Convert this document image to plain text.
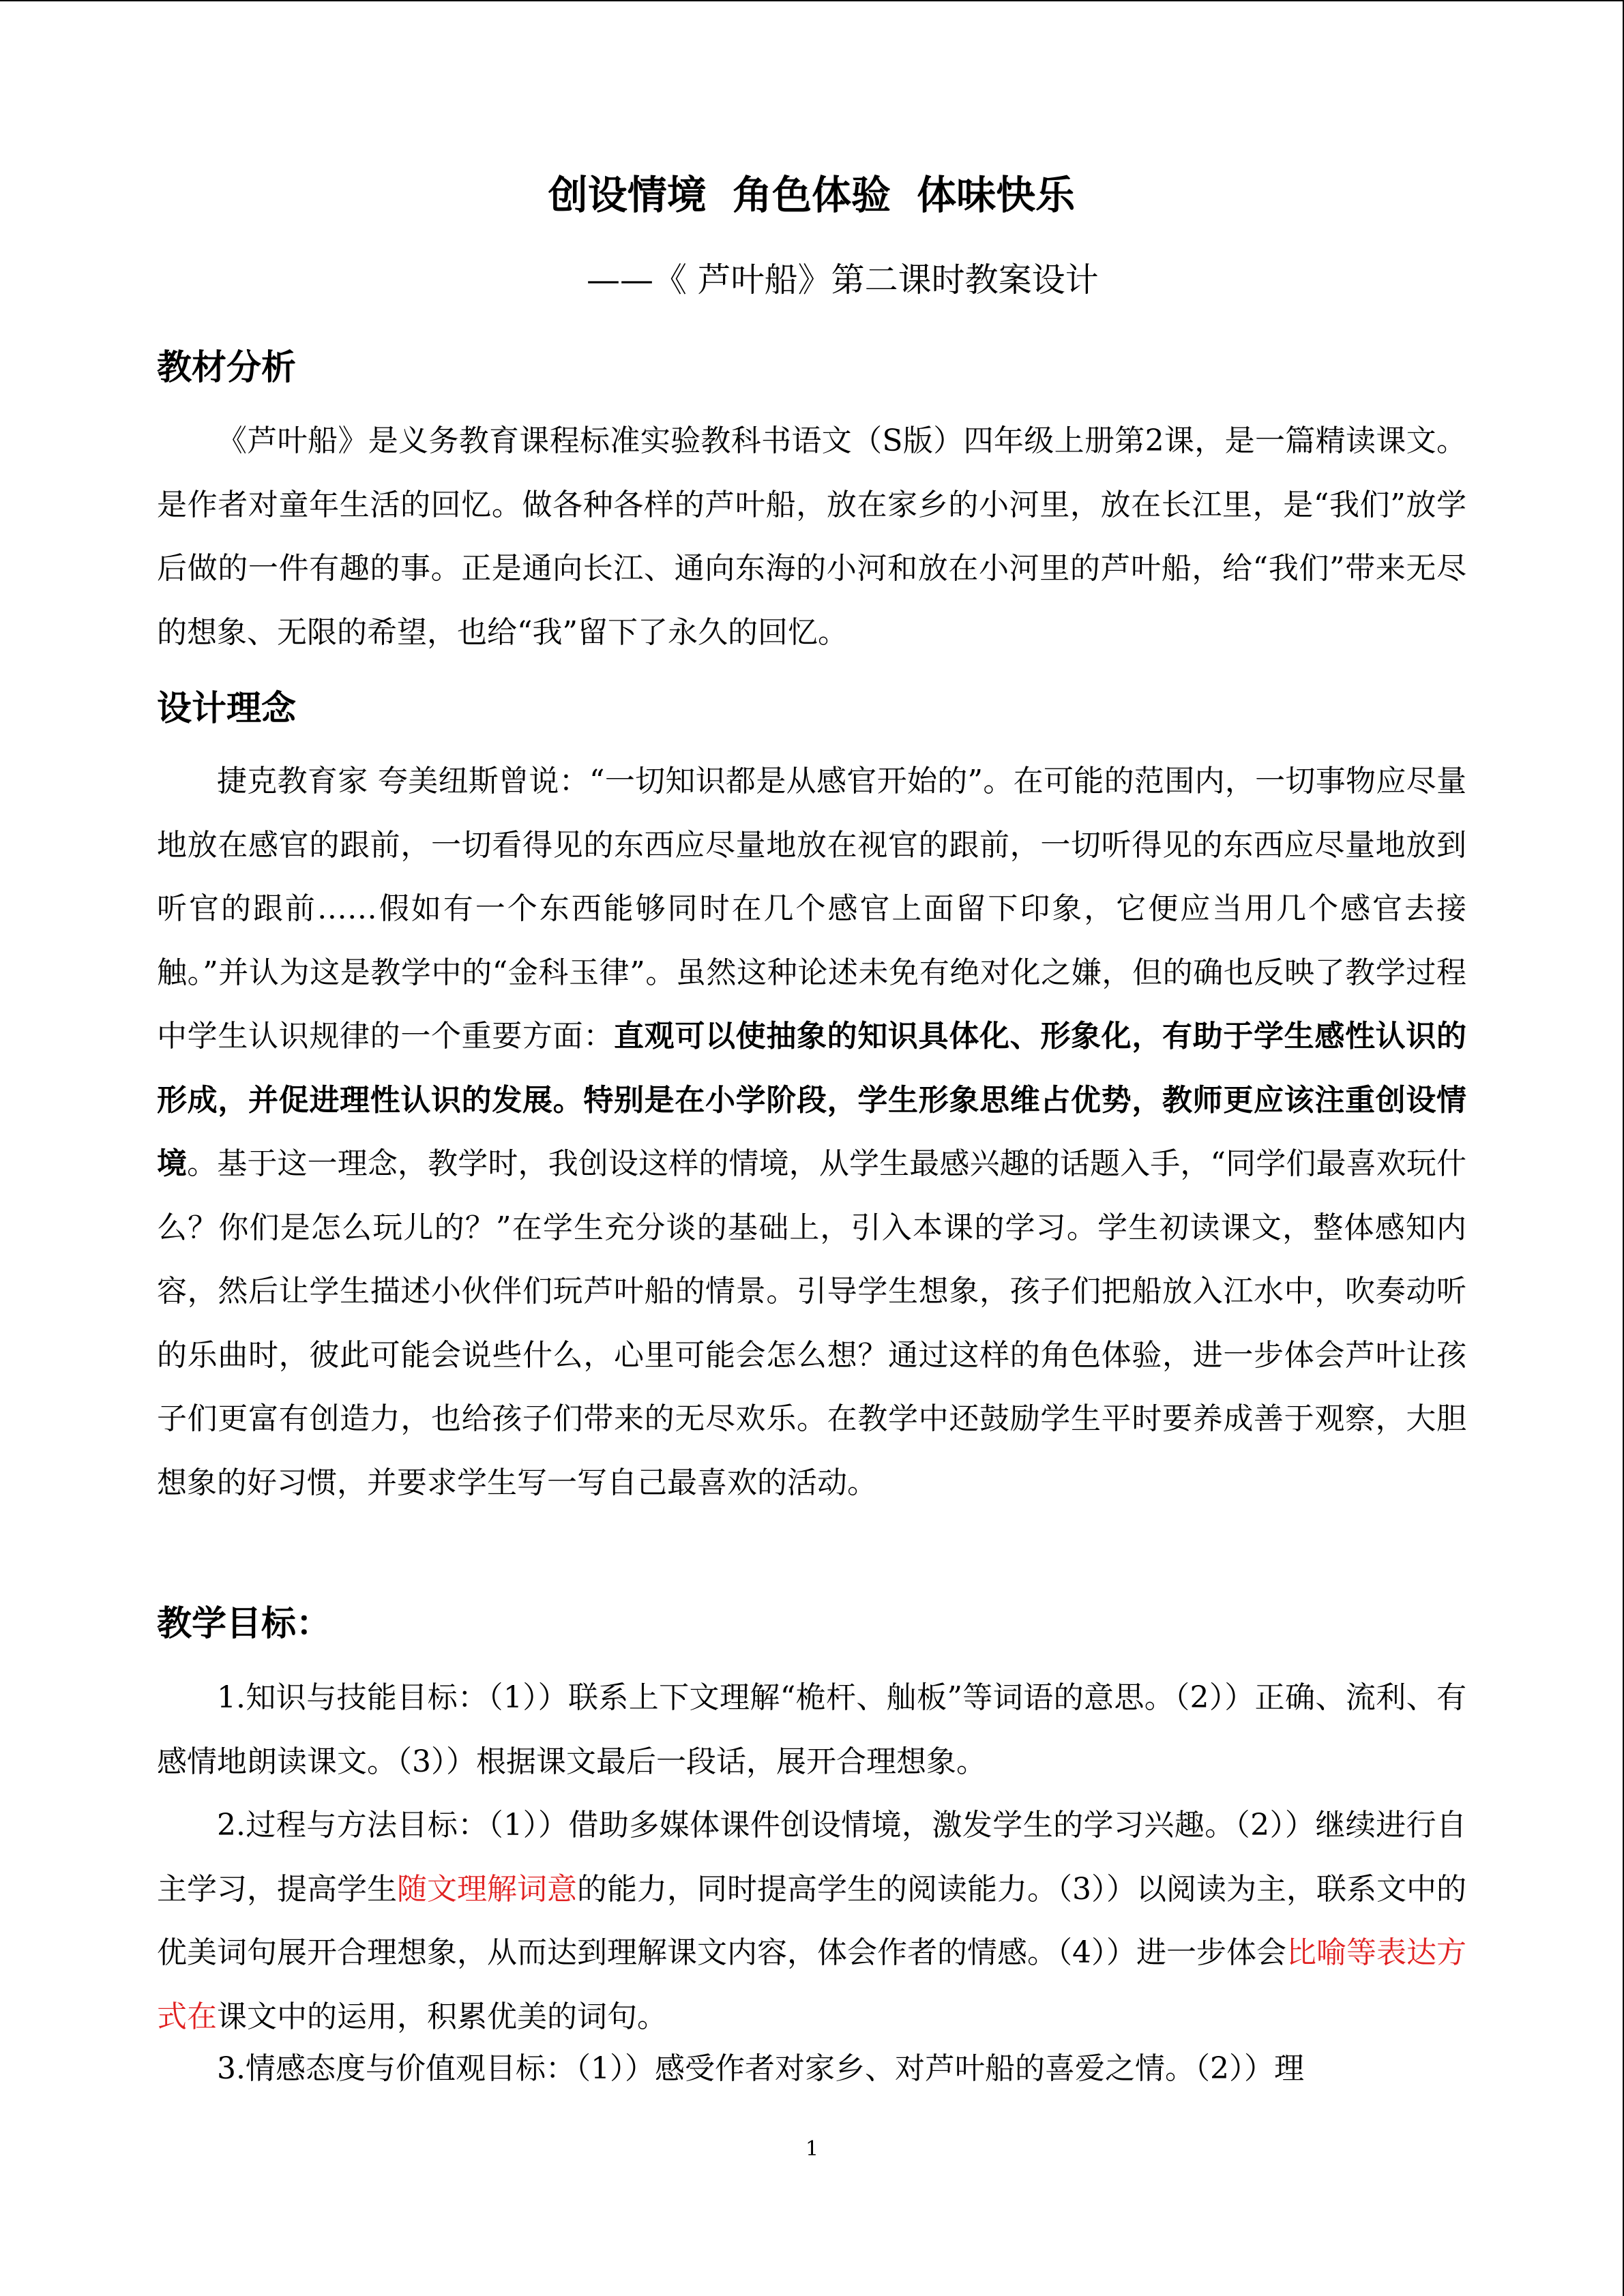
创设情境 角色体验 体味快乐
——《 芦叶船》第二课时教案设计
教材分析

《芦叶船》是义务教育课程标准实验教科书语文（S版）四年级上册第2课，是一篇精读课文。是作者对童年生活的回忆。做各种各样的芦叶船，放在家乡的小河里，放在长江里，是“我们”放学后做的一件有趣的事。正是通向长江、通向东海的小河和放在小河里的芦叶船，给“我们”带来无尽的想象、无限的希望，也给“我”留下了永久的回忆。

设计理念

捷克教育家 夸美纽斯曾说：“一切知识都是从感官开始的”。在可能的范围内，一切事物应尽量地放在感官的跟前，一切看得见的东西应尽量地放在视官的跟前，一切听得见的东西应尽量地放到听官的跟前……假如有一个东西能够同时在几个感官上面留下印象，它便应当用几个感官去接触。”并认为这是教学中的“金科玉律”。虽然这种论述未免有绝对化之嫌，但的确也反映了教学过程中学生认识规律的一个重要方面：直观可以使抽象的知识具体化、形象化，有助于学生感性认识的形成，并促进理性认识的发展。特别是在小学阶段，学生形象思维占优势，教师更应该注重创设情境。基于这一理念，教学时，我创设这样的情境，从学生最感兴趣的话题入手，“同学们最喜欢玩什么？你们是怎么玩儿的？”在学生充分谈的基础上，引入本课的学习。学生初读课文，整体感知内容，然后让学生描述小伙伴们玩芦叶船的情景。引导学生想象，孩子们把船放入江水中，吹奏动听的乐曲时，彼此可能会说些什么，心里可能会怎么想？通过这样的角色体验，进一步体会芦叶让孩子们更富有创造力，也给孩子们带来的无尽欢乐。在教学中还鼓励学生平时要养成善于观察，大胆想象的好习惯，并要求学生写一写自己最喜欢的活动。

教学目标：

1.知识与技能目标：（1））联系上下文理解“桅杆、舢板”等词语的意思。（2））正确、流利、有感情地朗读课文。（3））根据课文最后一段话，展开合理想象。

2.过程与方法目标：（1））借助多媒体课件创设情境，激发学生的学习兴趣。（2））继续进行自主学习，提高学生随文理解词意的能力，同时提高学生的阅读能力。（3））以阅读为主，联系文中的优美词句展开合理想象，从而达到理解课文内容，体会作者的情感。（4））进一步体会比喻等表达方式在课文中的运用，积累优美的词句。

3.情感态度与价值观目标：（1））感受作者对家乡、对芦叶船的喜爱之情。（2））理

1
